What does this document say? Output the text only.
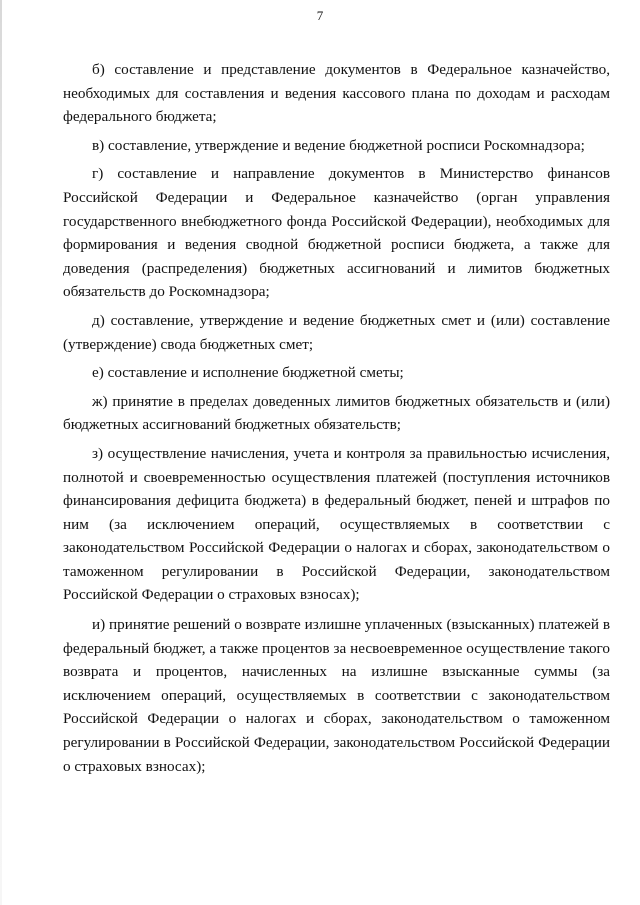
7

б) составление и представление документов в Федеральное казначейство, необходимых для составления и ведения кассового плана по доходам и расходам федерального бюджета;

в) составление, утверждение и ведение бюджетной росписи Роскомнадзора;

г) составление и направление документов в Министерство финансов Российской Федерации и Федеральное казначейство (орган управления государственного внебюджетного фонда Российской Федерации), необходимых для формирования и ведения сводной бюджетной росписи бюджета, а также для доведения (распределения) бюджетных ассигнований и лимитов бюджетных обязательств до Роскомнадзора;

д) составление, утверждение и ведение бюджетных смет и (или) составление (утверждение) свода бюджетных смет;

е) составление и исполнение бюджетной сметы;

ж) принятие в пределах доведенных лимитов бюджетных обязательств и (или) бюджетных ассигнований бюджетных обязательств;

з) осуществление начисления, учета и контроля за правильностью исчисления, полнотой и своевременностью осуществления платежей (поступления источников финансирования дефицита бюджета) в федеральный бюджет, пеней и штрафов по ним (за исключением операций, осуществляемых в соответствии с законодательством Российской Федерации о налогах и сборах, законодательством о таможенном регулировании в Российской Федерации, законодательством Российской Федерации о страховых взносах);

и) принятие решений о возврате излишне уплаченных (взысканных) платежей в федеральный бюджет, а также процентов за несвоевременное осуществление такого возврата и процентов, начисленных на излишне взысканные суммы (за исключением операций, осуществляемых в соответствии с законодательством Российской Федерации о налогах и сборах, законодательством о таможенном регулировании в Российской Федерации, законодательством Российской Федерации о страховых взносах);
